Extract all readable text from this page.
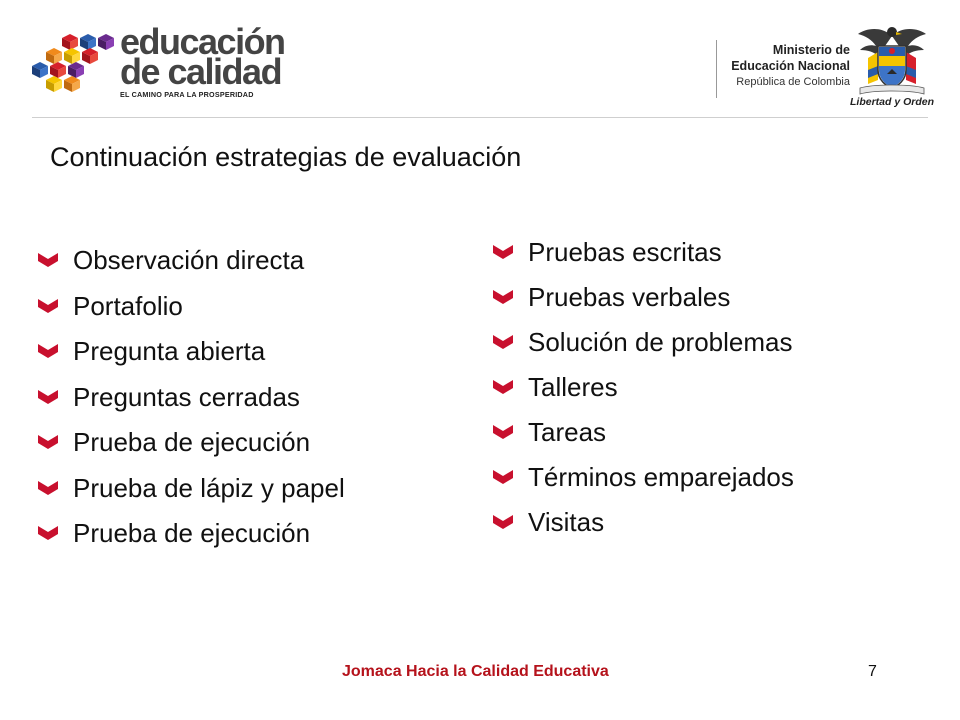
educación
de calidad
EL CAMINO PARA LA PROSPERIDAD
Ministerio de
Educación Nacional
República de Colombia
Libertad y Orden
Continuación estrategias de evaluación
Observación directa
Portafolio
Pregunta abierta
Preguntas cerradas
Prueba de ejecución
Prueba de lápiz y papel
Prueba de ejecución
Pruebas escritas
Pruebas verbales
Solución de problemas
Talleres
Tareas
Términos emparejados
Visitas
Jomaca Hacia la Calidad Educativa	7
